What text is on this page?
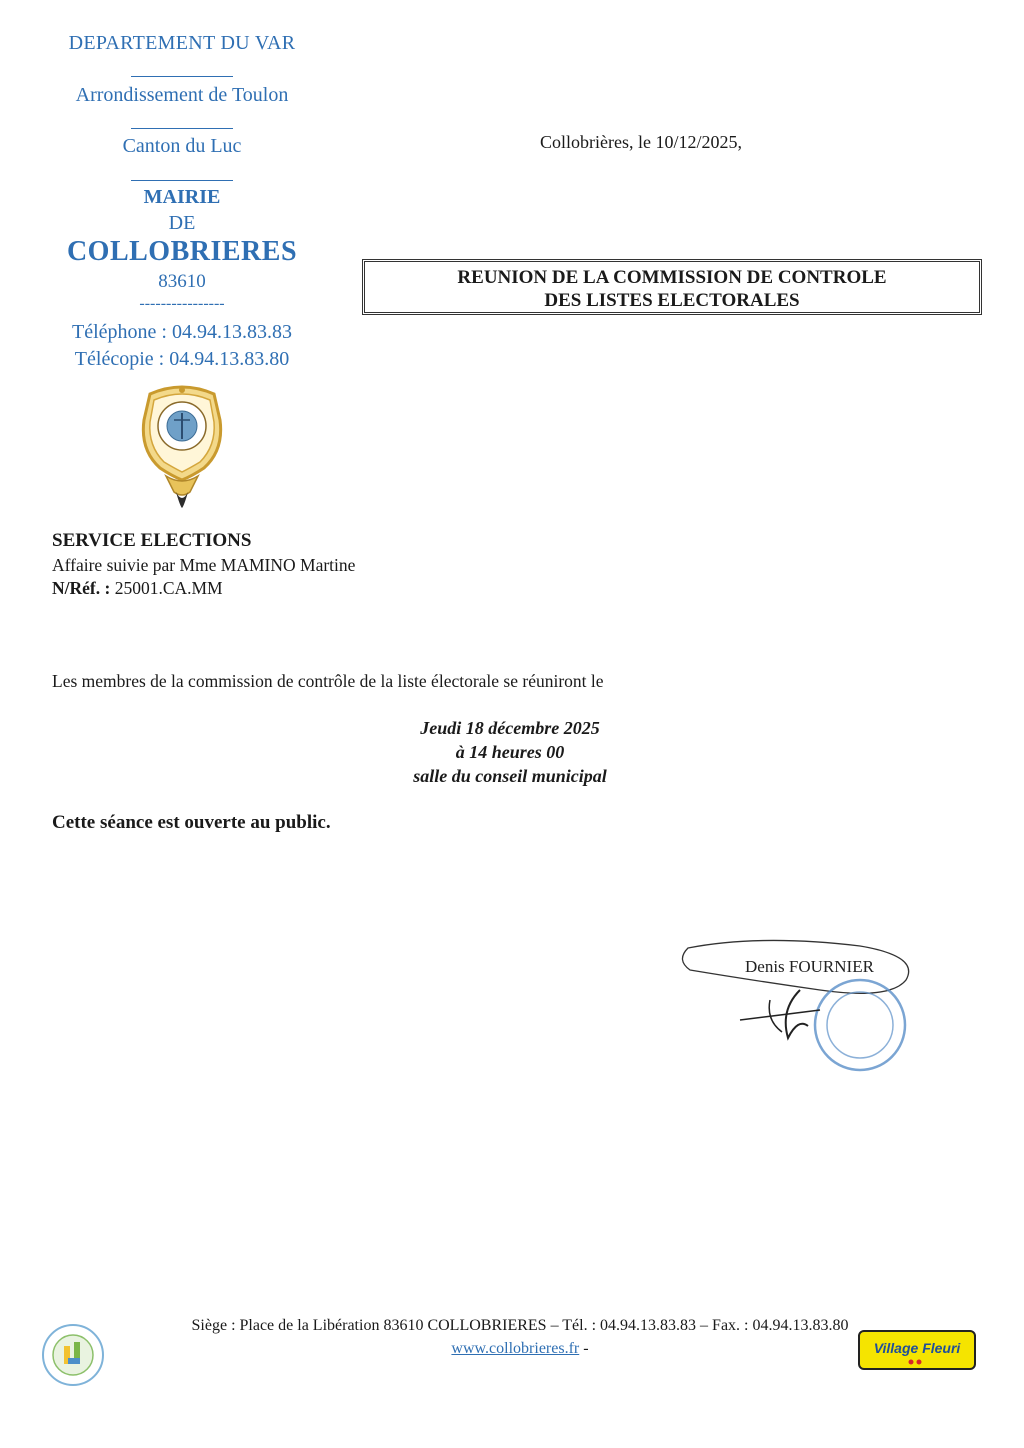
DEPARTEMENT DU VAR
Arrondissement de Toulon
Canton du Luc
MAIRIE
DE
COLLOBRIERES
83610
----------------
Téléphone : 04.94.13.83.83
Télécopie : 04.94.13.83.80
Collobrières, le 10/12/2025,
REUNION DE LA COMMISSION DE CONTROLE
DES LISTES ELECTORALES
SERVICE ELECTIONS
Affaire suivie par Mme MAMINO Martine
N/Réf. : 25001.CA.MM
Les membres de la commission de contrôle de la liste électorale se réuniront le
Jeudi 18 décembre 2025
à 14 heures 00
salle du conseil municipal
Cette séance est ouverte au public.
Denis FOURNIER
Village Fleuri
Siège : Place de la Libération 83610 COLLOBRIERES – Tél. : 04.94.13.83.83 – Fax. : 04.94.13.83.80
www.collobrieres.fr -
